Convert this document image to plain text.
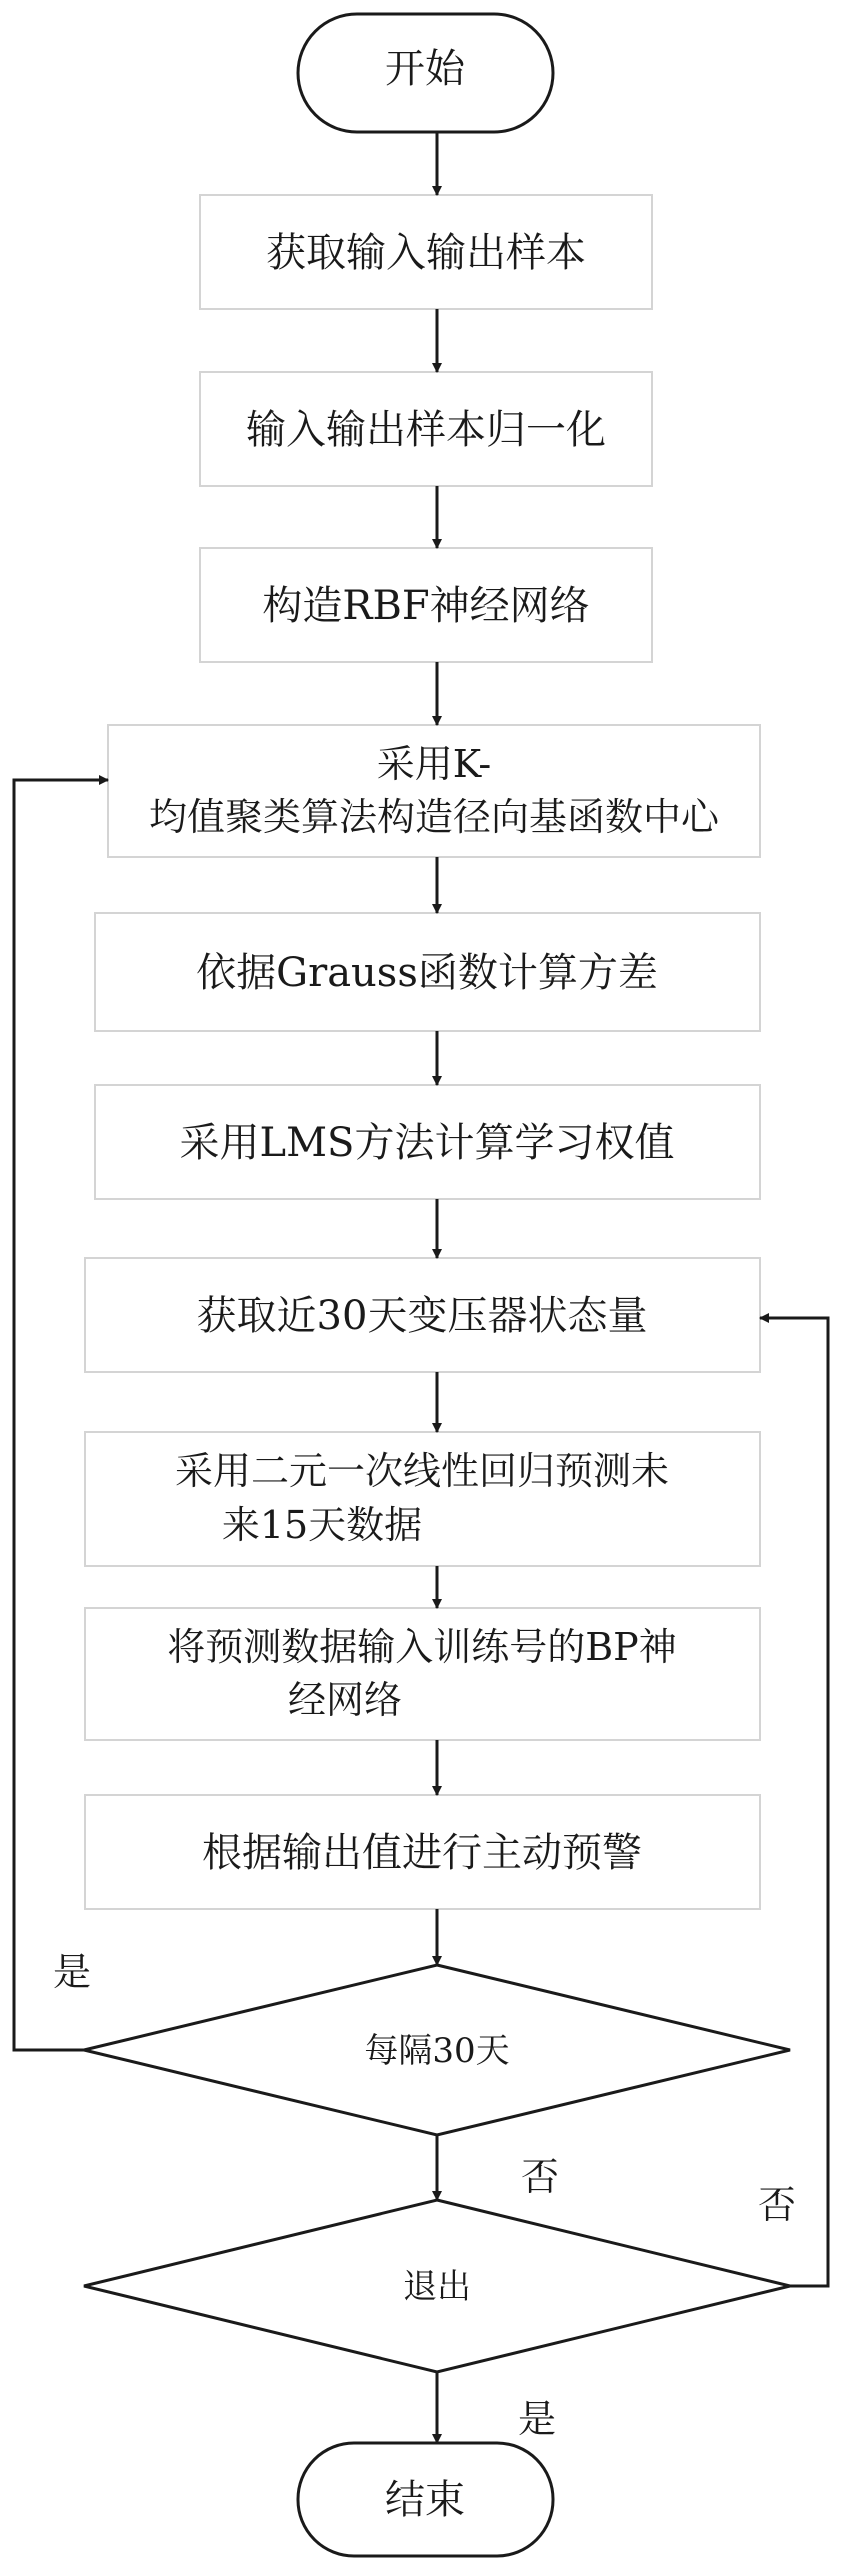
开始
获取输入输出样本
输入输出样本归一化
构造RBF神经网络
采用K-
均值聚类算法构造径向基函数中心
依据Grauss函数计算方差
采用LMS方法计算学习权值
获取近30天变压器状态量
采用二元一次线性回归预测未
来15天数据
将预测数据输入训练号的BP神
经网络
根据输出值进行主动预警
每隔30天
退出
结束
是
否
否
是
